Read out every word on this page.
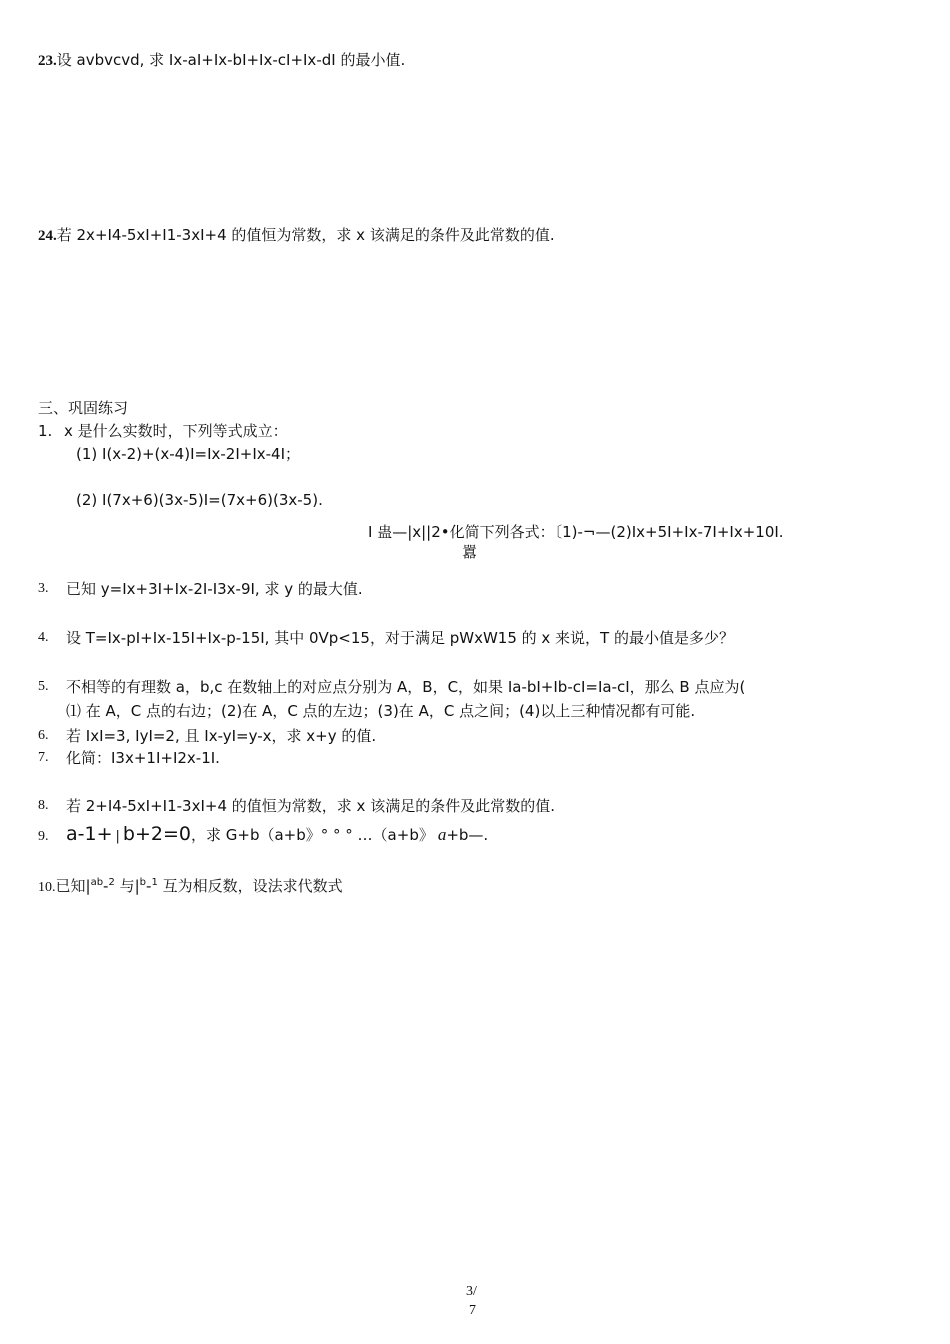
23.设 avbvcvd, 求 Ix-aI+Ix-bI+Ix-cI+Ix-dI 的最小值.
24.若 2x+I4-5xI+I1-3xI+4 的值恒为常数，求 x 该满足的条件及此常数的值.
三、巩固练习
1. x 是什么实数时，下列等式成立：
(1) I(x-2)+(x-4)I=Ix-2I+Ix-4I；
(2) I(7x+6)(3x-5)I=(7x+6)(3x-5).
I 蛊—|x||2•化简下列各式：〔1)-¬—(2)Ix+5I+Ix-7I+Ix+10I.
囂
3. 已知 y=Ix+3I+Ix-2I-I3x-9I, 求 y 的最大值.
4. 设 T=Ix-pI+Ix-15I+Ix-p-15I, 其中 0Vp<15，对于满足 pWxW15 的 x 来说，T 的最小值是多少？
5. 不相等的有理数 a，b,c 在数轴上的对应点分别为 A，B，C，如果 Ia-bI+Ib-cI=Ia-cI，那么 B 点应为(
⑴ 在 A，C 点的右边；(2)在 A，C 点的左边；(3)在 A，C 点之间；(4)以上三种情况都有可能.
6. 若 IxI=3, IyI=2, 且 Ix-yI=y-x，求 x+y 的值.
7. 化简：I3x+1I+I2x-1I.
8. 若 2+I4-5xI+I1-3xI+4 的值恒为常数，求 x 该满足的条件及此常数的值.
9. a-1+ | b+2=0，求 G+b（a+b》° ° ° …（a+b》 a+b—.
10.已知$|^{ab}-^2$ 与$|^b-^1$ 互为相反数，设法求代数式
3/
7
